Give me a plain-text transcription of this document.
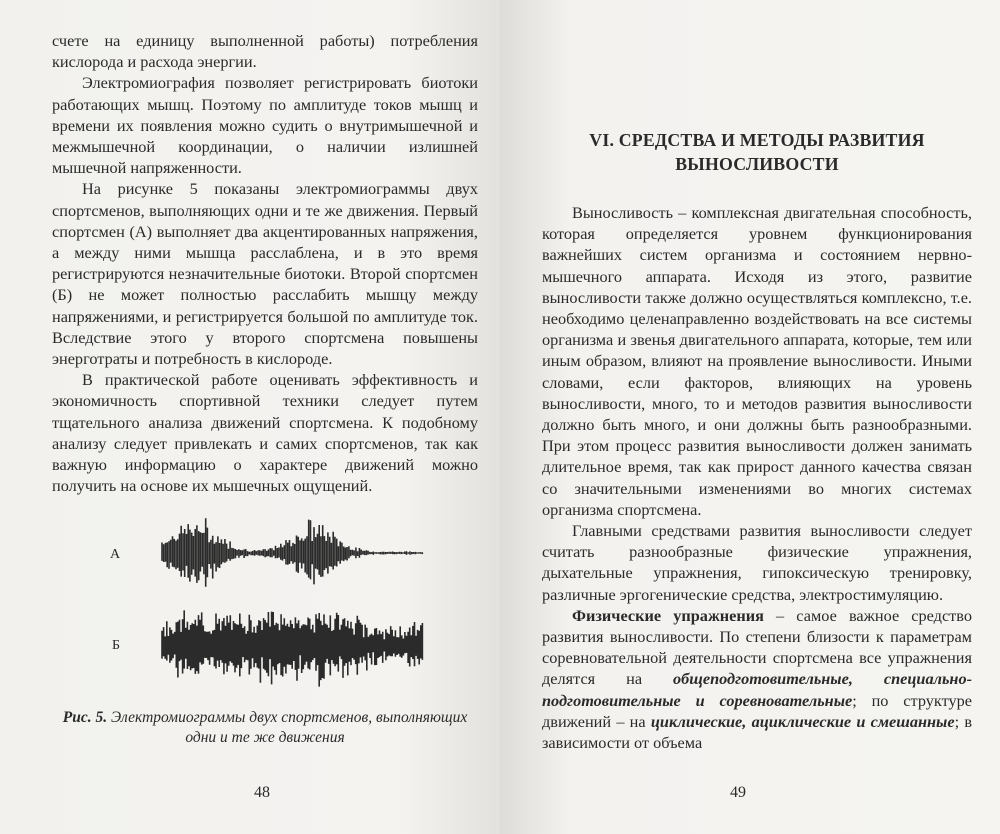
счете на единицу выполненной работы) потребления кислорода и расхода энергии.

Электромиография позволяет регистрировать биотоки работающих мышц. Поэтому по амплитуде токов мышц и времени их появления можно судить о внутримышечной и межмышечной координации, о наличии излишней мышечной напряженности.

На рисунке 5 показаны электромиограммы двух спортсменов, выполняющих одни и те же движения. Первый спортсмен (А) выполняет два акцентированных напряжения, а между ними мышца расслаблена, и в это время регистрируются незначительные биотоки. Второй спортсмен (Б) не может полностью расслабить мышцу между напряжениями, и регистрируется большой по амплитуде ток. Вследствие этого у второго спортсмена повышены энерготраты и потребность в кислороде.

В практической работе оценивать эффективность и экономичность спортивной техники следует путем тщательного анализа движений спортсмена. К подобному анализу следует привлекать и самих спортсменов, так как важную информацию о характере движений можно получить на основе их мышечных ощущений.

А
Б

Рис. 5. Электромиограммы двух спортсменов, выполняющих одни и те же движения

48
VI. СРЕДСТВА И МЕТОДЫ РАЗВИТИЯ
ВЫНОСЛИВОСТИ

Выносливость – комплексная двигательная способность, которая определяется уровнем функционирования важнейших систем организма и состоянием нервно-мышечного аппарата. Исходя из этого, развитие выносливости также должно осуществляться комплексно, т.е. необходимо целенаправленно воздействовать на все системы организма и звенья двигательного аппарата, которые, тем или иным образом, влияют на проявление выносливости. Иными словами, если факторов, влияющих на уровень выносливости, много, то и методов развития выносливости должно быть много, и они должны быть разнообразными. При этом процесс развития выносливости должен занимать длительное время, так как прирост данного качества связан со значительными изменениями во многих системах организма спортсмена.

Главными средствами развития выносливости следует считать разнообразные физические упражнения, дыхательные упражнения, гипоксическую тренировку, различные эргогенические средства, электростимуляцию.

Физические упражнения – самое важное средство развития выносливости. По степени близости к параметрам соревновательной деятельности спортсмена все упражнения делятся на общеподготовительные, специально-подготовительные и соревновательные; по структуре движений – на циклические, ациклические и смешанные; в зависимости от объема

49
